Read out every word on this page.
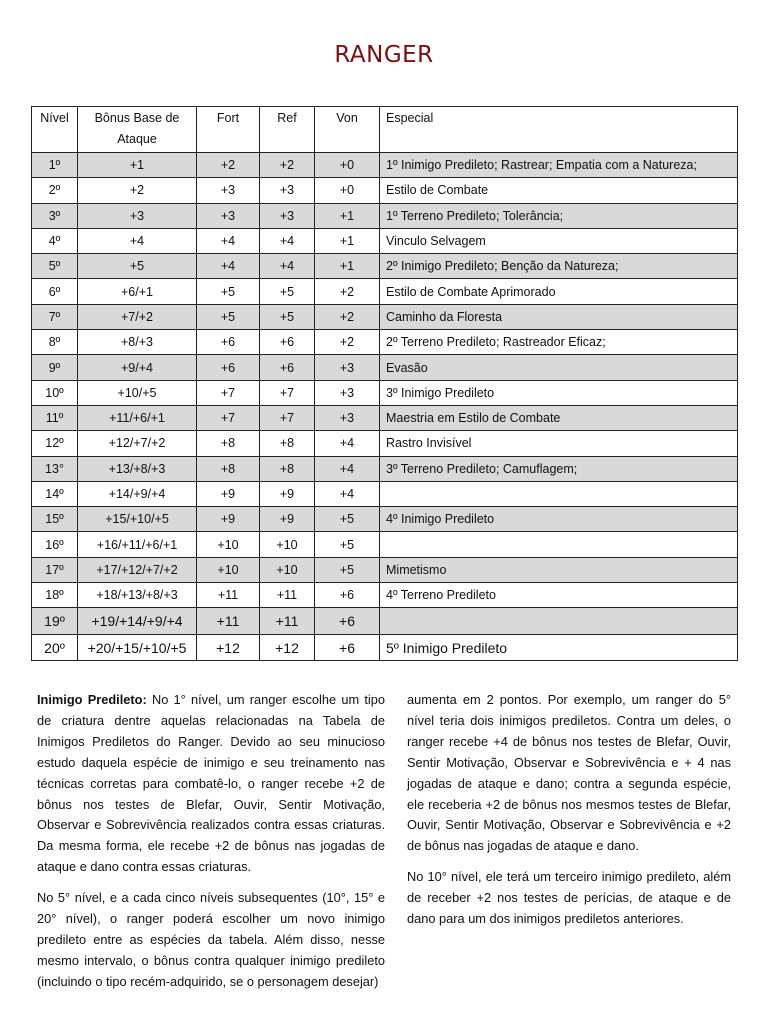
RANGER
Nível	Bônus Base de Ataque	Fort	Ref	Von	Especial
1º	+1	+2	+2	+0	1º Inimigo Predileto; Rastrear; Empatia com a Natureza;
2º	+2	+3	+3	+0	Estilo de Combate
3º	+3	+3	+3	+1	1º Terreno Predileto; Tolerância;
4º	+4	+4	+4	+1	Vinculo Selvagem
5º	+5	+4	+4	+1	2º Inimigo Predileto; Benção da Natureza;
6º	+6/+1	+5	+5	+2	Estilo de Combate Aprimorado
7º	+7/+2	+5	+5	+2	Caminho da Floresta
8º	+8/+3	+6	+6	+2	2º Terreno Predileto; Rastreador Eficaz;
9º	+9/+4	+6	+6	+3	Evasão
10º	+10/+5	+7	+7	+3	3º Inimigo Predileto
11º	+11/+6/+1	+7	+7	+3	Maestria em Estilo de Combate
12º	+12/+7/+2	+8	+8	+4	Rastro Invisível
13°	+13/+8/+3	+8	+8	+4	3º Terreno Predileto; Camuflagem;
14º	+14/+9/+4	+9	+9	+4	
15º	+15/+10/+5	+9	+9	+5	4º Inimigo Predileto
16º	+16/+11/+6/+1	+10	+10	+5	
17º	+17/+12/+7/+2	+10	+10	+5	Mimetismo
18º	+18/+13/+8/+3	+11	+11	+6	4º Terreno Predileto
19º	+19/+14/+9/+4	+11	+11	+6	
20º	+20/+15/+10/+5	+12	+12	+6	5º Inimigo Predileto

Inimigo Predileto: No 1° nível, um ranger escolhe um tipo de criatura dentre aquelas relacionadas na Tabela de Inimigos Prediletos do Ranger. Devido ao seu minucioso estudo daquela espécie de inimigo e seu treinamento nas técnicas corretas para combatê-lo, o ranger recebe +2 de bônus nos testes de Blefar, Ouvir, Sentir Motivação, Observar e Sobrevivência realizados contra essas criaturas. Da mesma forma, ele recebe +2 de bônus nas jogadas de ataque e dano contra essas criaturas.

No 5° nível, e a cada cinco níveis subsequentes (10°, 15° e 20° nível), o ranger poderá escolher um novo inimigo predileto entre as espécies da tabela. Além disso, nesse mesmo intervalo, o bônus contra qualquer inimigo predileto (incluindo o tipo recém-adquirido, se o personagem desejar)

aumenta em 2 pontos. Por exemplo, um ranger do 5° nível teria dois inimigos prediletos. Contra um deles, o ranger recebe +4 de bônus nos testes de Blefar, Ouvir, Sentir Motivação, Observar e Sobrevivência e + 4 nas jogadas de ataque e dano; contra a segunda espécie, ele receberia +2 de bônus nos mesmos testes de Blefar, Ouvir, Sentir Motivação, Observar e Sobrevivência e +2 de bônus nas jogadas de ataque e dano.

No 10° nível, ele terá um terceiro inimigo predileto, além de receber +2 nos testes de perícias, de ataque e de dano para um dos inimigos prediletos anteriores.
